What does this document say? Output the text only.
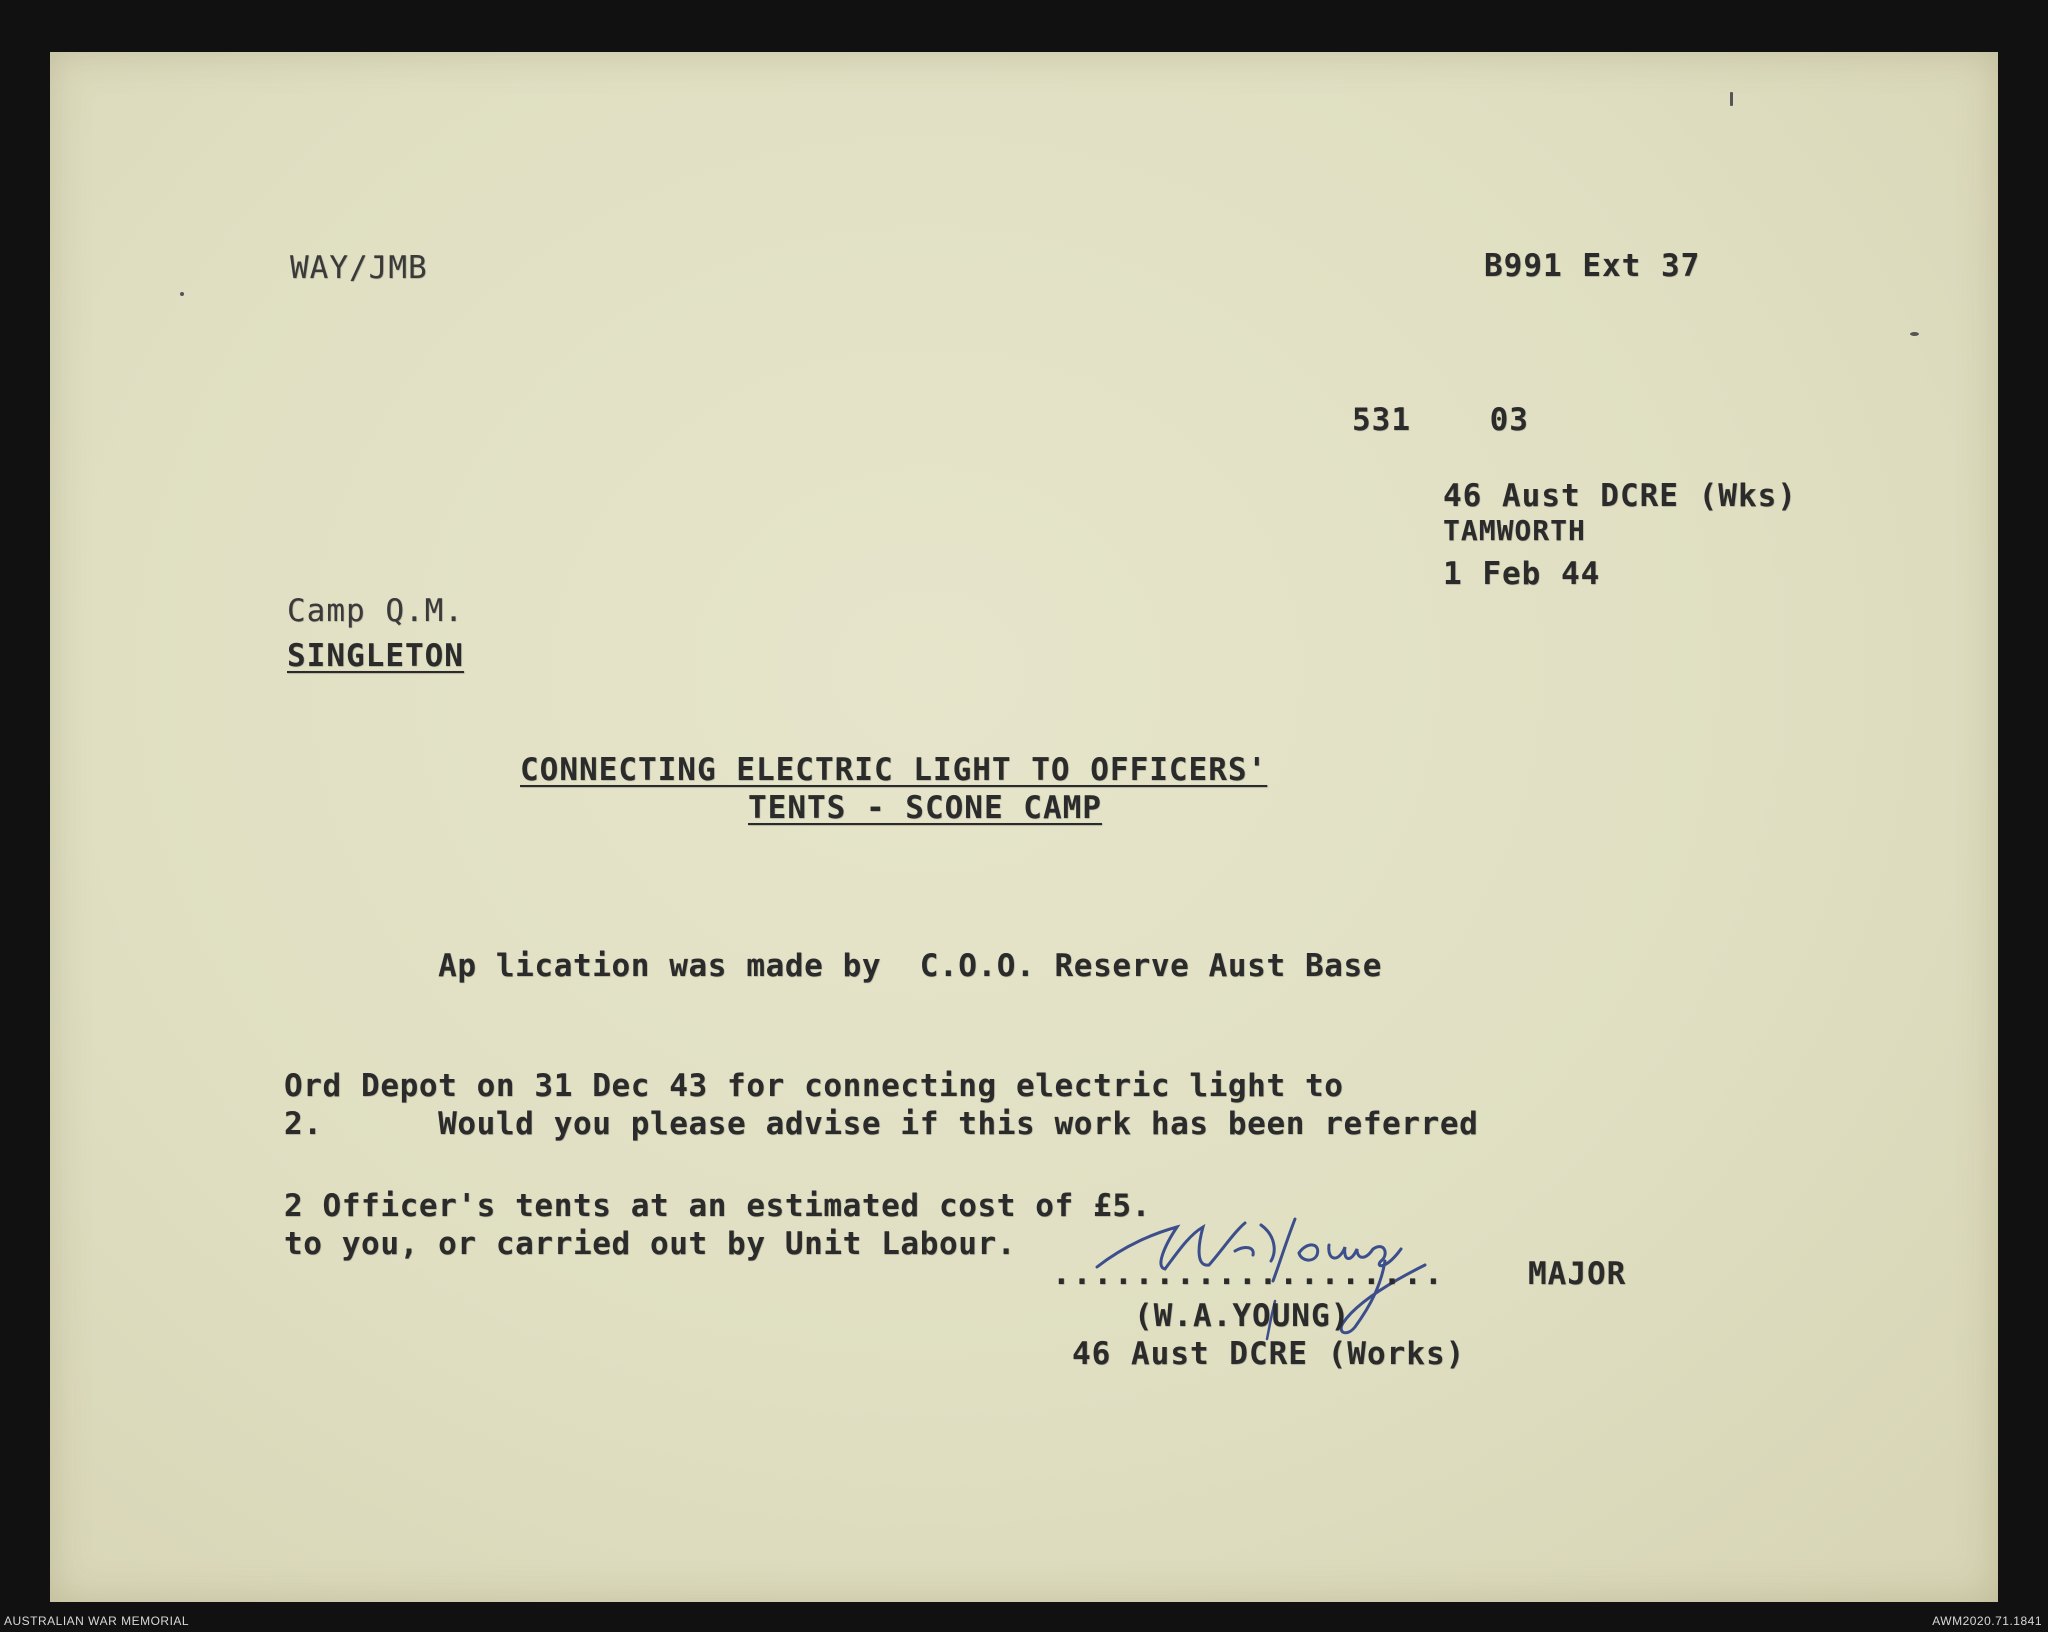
WAY/JMB	B991 Ext 37
531    03
46 Aust DCRE (Wks)
TAMWORTH
1 Feb 44
Camp Q.M.
SINGLETON
CONNECTING ELECTRIC LIGHT TO OFFICERS'
TENTS - SCONE CAMP

Ap lication was made by  C.O.O. Reserve Aust Base

Ord Depot on 31 Dec 43 for connecting electric light to

2 Officer's tents at an estimated cost of £5.

2.      Would you please advise if this work has been referred

to you, or carried out by Unit Labour.

...................	MAJOR
(W.A.YOUNG)
46 Aust DCRE (Works)
AUSTRALIAN WAR MEMORIAL	AWM2020.71.1841
